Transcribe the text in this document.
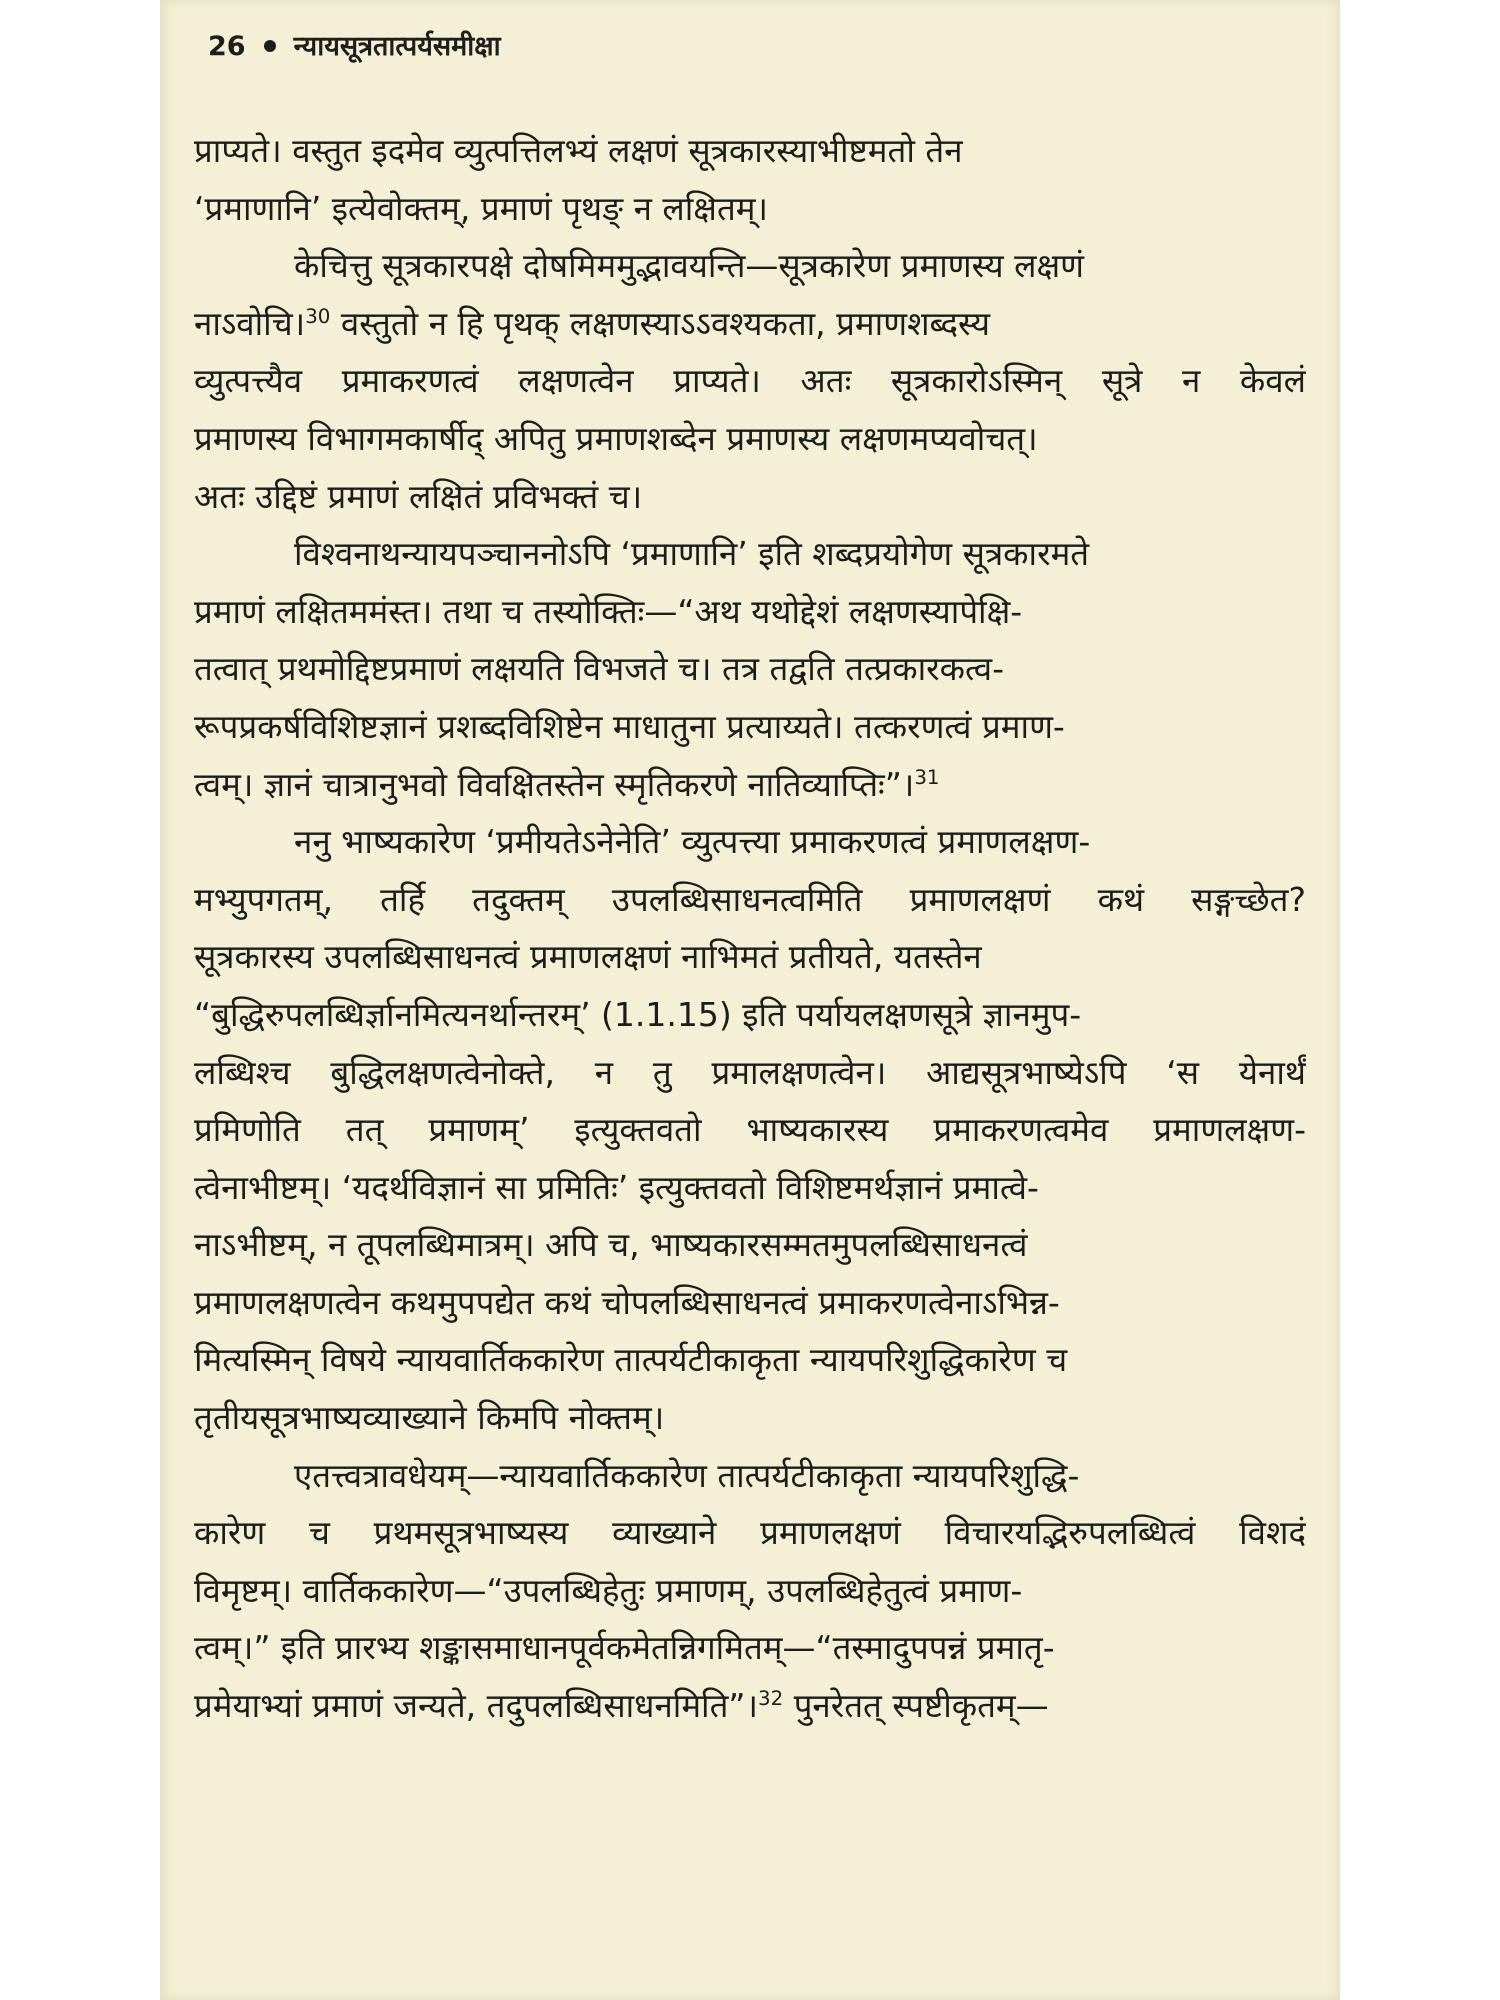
26 न्यायसूत्रतात्पर्यसमीक्षा
प्राप्यते। वस्तुत इदमेव व्युत्पत्तिलभ्यं लक्षणं सूत्रकारस्याभीष्टमतो तेन
‘प्रमाणानि’ इत्येवोक्तम्, प्रमाणं पृथङ् न लक्षितम्।
केचित्तु सूत्रकारपक्षे दोषमिममुद्भावयन्ति—सूत्रकारेण प्रमाणस्य लक्षणं
नाऽवोचि।$^{30}$ वस्तुतो न हि पृथक् लक्षणस्याऽऽवश्यकता, प्रमाणशब्दस्य
व्युत्पत्त्यैव प्रमाकरणत्वं लक्षणत्वेन प्राप्यते। अतः सूत्रकारोऽस्मिन् सूत्रे न केवलं
प्रमाणस्य विभागमकार्षीद् अपितु प्रमाणशब्देन प्रमाणस्य लक्षणमप्यवोचत्।
अतः उद्दिष्टं प्रमाणं लक्षितं प्रविभक्तं च।
विश्वनाथन्यायपञ्चाननोऽपि ‘प्रमाणानि’ इति शब्दप्रयोगेण सूत्रकारमते
प्रमाणं लक्षितममंस्त। तथा च तस्योक्तिः—“अथ यथोद्देशं लक्षणस्यापेक्षि-
तत्वात् प्रथमोद्दिष्टप्रमाणं लक्षयति विभजते च। तत्र तद्वति तत्प्रकारकत्व-
रूपप्रकर्षविशिष्टज्ञानं प्रशब्दविशिष्टेन माधातुना प्रत्याय्यते। तत्करणत्वं प्रमाण-
त्वम्। ज्ञानं चात्रानुभवो विवक्षितस्तेन स्मृतिकरणे नातिव्याप्तिः”।$^{31}$
ननु भाष्यकारेण ‘प्रमीयतेऽनेनेति’ व्युत्पत्त्या प्रमाकरणत्वं प्रमाणलक्षण-
मभ्युपगतम्, तर्हि तदुक्तम् उपलब्धिसाधनत्वमिति प्रमाणलक्षणं कथं सङ्गच्छेत?
सूत्रकारस्य उपलब्धिसाधनत्वं प्रमाणलक्षणं नाभिमतं प्रतीयते, यतस्तेन
“बुद्धिरुपलब्धिर्ज्ञानमित्यनर्थान्तरम्’ (1.1.15) इति पर्यायलक्षणसूत्रे ज्ञानमुप-
लब्धिश्च बुद्धिलक्षणत्वेनोक्ते, न तु प्रमालक्षणत्वेन। आद्यसूत्रभाष्येऽपि ‘स येनार्थं
प्रमिणोति तत् प्रमाणम्’ इत्युक्तवतो भाष्यकारस्य प्रमाकरणत्वमेव प्रमाणलक्षण-
त्वेनाभीष्टम्। ‘यदर्थविज्ञानं सा प्रमितिः’ इत्युक्तवतो विशिष्टमर्थज्ञानं प्रमात्वे-
नाऽभीष्टम्, न तूपलब्धिमात्रम्। अपि च, भाष्यकारसम्मतमुपलब्धिसाधनत्वं
प्रमाणलक्षणत्वेन कथमुपपद्येत कथं चोपलब्धिसाधनत्वं प्रमाकरणत्वेनाऽभिन्न-
मित्यस्मिन् विषये न्यायवार्तिककारेण तात्पर्यटीकाकृता न्यायपरिशुद्धिकारेण च
तृतीयसूत्रभाष्यव्याख्याने किमपि नोक्तम्।
एतत्त्वत्रावधेयम्—न्यायवार्तिककारेण तात्पर्यटीकाकृता न्यायपरिशुद्धि-
कारेण च प्रथमसूत्रभाष्यस्य व्याख्याने प्रमाणलक्षणं विचारयद्भिरुपलब्धित्वं विशदं
विमृष्टम्। वार्तिककारेण—“उपलब्धिहेतुः प्रमाणम्, उपलब्धिहेतुत्वं प्रमाण-
त्वम्।” इति प्रारभ्य शङ्कासमाधानपूर्वकमेतन्निगमितम्—“तस्मादुपपन्नं प्रमातृ-
प्रमेयाभ्यां प्रमाणं जन्यते, तदुपलब्धिसाधनमिति”।$^{32}$ पुनरेतत् स्पष्टीकृतम्—
